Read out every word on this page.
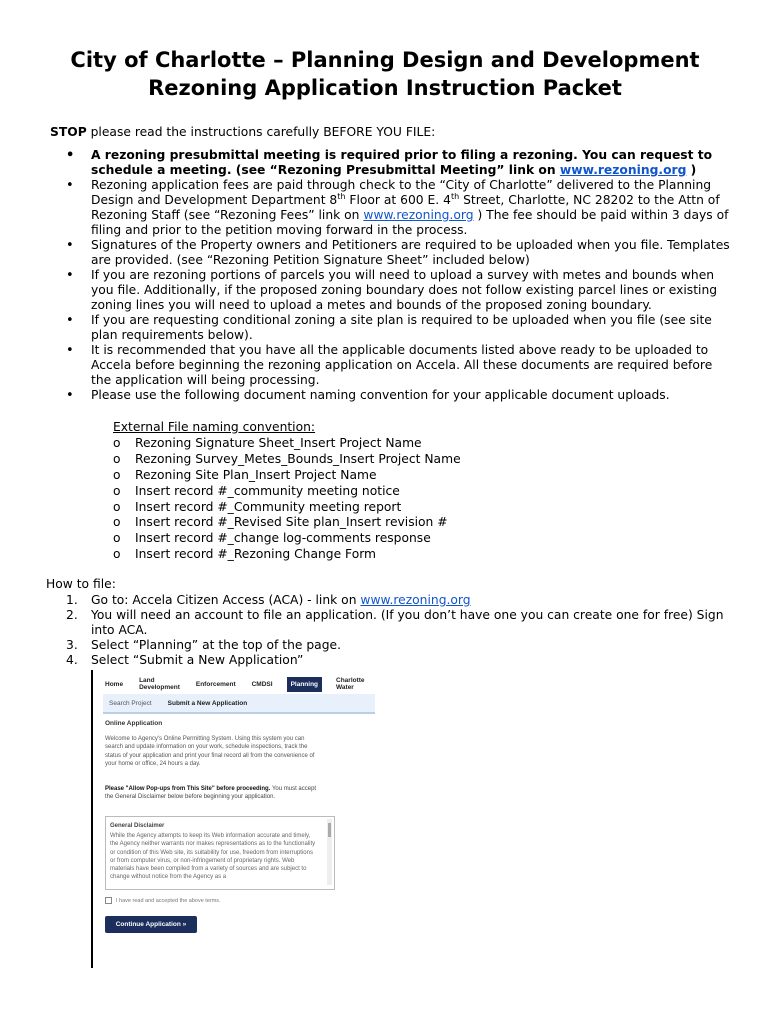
City of Charlotte – Planning Design and Development
Rezoning Application Instruction Packet
STOP please read the instructions carefully BEFORE YOU FILE:
• A rezoning presubmittal meeting is required prior to filing a rezoning. You can request to schedule a meeting. (see “Rezoning Presubmittal Meeting” link on www.rezoning.org )
• Rezoning application fees are paid through check to the “City of Charlotte” delivered to the Planning Design and Development Department 8th Floor at 600 E. 4th Street, Charlotte, NC 28202 to the Attn of Rezoning Staff (see “Rezoning Fees” link on www.rezoning.org ) The fee should be paid within 3 days of filing and prior to the petition moving forward in the process.
• Signatures of the Property owners and Petitioners are required to be uploaded when you file. Templates are provided. (see “Rezoning Petition Signature Sheet” included below)
• If you are rezoning portions of parcels you will need to upload a survey with metes and bounds when you file. Additionally, if the proposed zoning boundary does not follow existing parcel lines or existing zoning lines you will need to upload a metes and bounds of the proposed zoning boundary.
• If you are requesting conditional zoning a site plan is required to be uploaded when you file (see site plan requirements below).
• It is recommended that you have all the applicable documents listed above ready to be uploaded to Accela before beginning the rezoning application on Accela. All these documents are required before the application will being processing.
• Please use the following document naming convention for your applicable document uploads.
External File naming convention:
o Rezoning Signature Sheet_Insert Project Name
o Rezoning Survey_Metes_Bounds_Insert Project Name
o Rezoning Site Plan_Insert Project Name
o Insert record #_community meeting notice
o Insert record #_Community meeting report
o Insert record #_Revised Site plan_Insert revision #
o Insert record #_change log-comments response
o Insert record #_Rezoning Change Form
How to file:
1. Go to: Accela Citizen Access (ACA) - link on www.rezoning.org
2. You will need an account to file an application. (If you don’t have one you can create one for free) Sign into ACA.
3. Select “Planning” at the top of the page.
4. Select “Submit a New Application”
Home	Land Development	Enforcement	CMDSI	Planning	Charlotte Water
Search Project Submit a New Application
Online Application
Welcome to Agency's Online Permitting System. Using this system you can search and update information on your work, schedule inspections, track the status of your application and print your final record all from the convenience of your home or office, 24 hours a day.
Please "Allow Pop-ups from This Site" before proceeding. You must accept the General Disclaimer below before beginning your application.
General Disclaimer
While the Agency attempts to keep its Web information accurate and timely, the Agency neither warrants nor makes representations as to the functionality or condition of this Web site, its suitability for use, freedom from interruptions or from computer virus, or non-infringement of proprietary rights. Web materials have been compiled from a variety of sources and are subject to change without notice from the Agency as a
I have read and accepted the above terms.
Continue Application »
